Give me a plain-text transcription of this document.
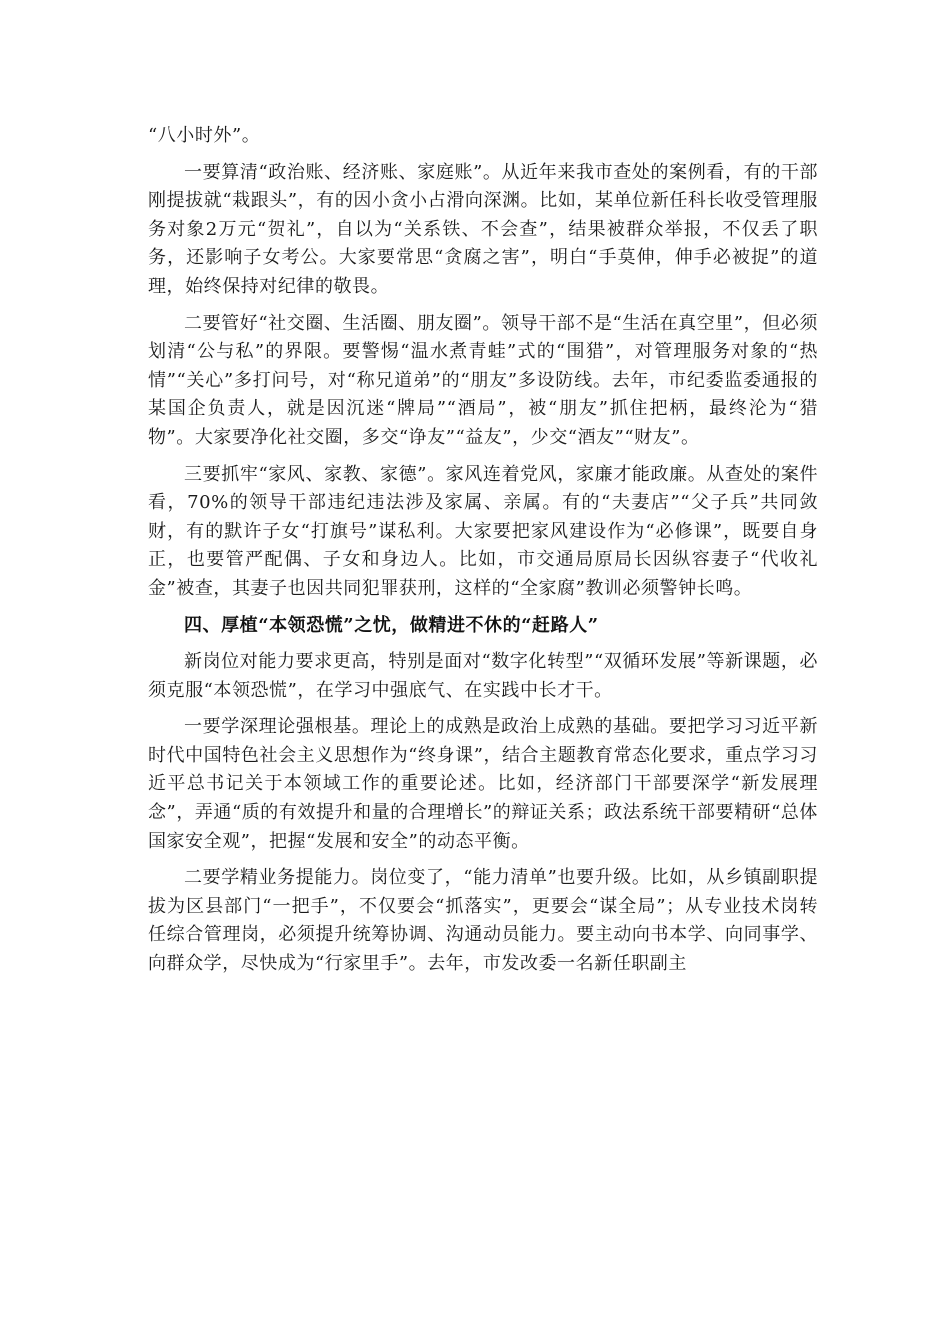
“八小时外”。

一要算清“政治账、经济账、家庭账”。从近年来我市查处的案例看，有的干部刚提拔就“栽跟头”，有的因小贪小占滑向深渊。比如，某单位新任科长收受管理服务对象2万元“贺礼”，自以为“关系铁、不会查”，结果被群众举报，不仅丢了职务，还影响子女考公。大家要常思“贪腐之害”，明白“手莫伸，伸手必被捉”的道理，始终保持对纪律的敬畏。

二要管好“社交圈、生活圈、朋友圈”。领导干部不是“生活在真空里”，但必须划清“公与私”的界限。要警惕“温水煮青蛙”式的“围猎”，对管理服务对象的“热情”“关心”多打问号，对“称兄道弟”的“朋友”多设防线。去年，市纪委监委通报的某国企负责人，就是因沉迷“牌局”“酒局”，被“朋友”抓住把柄，最终沦为“猎物”。大家要净化社交圈，多交“诤友”“益友”，少交“酒友”“财友”。

三要抓牢“家风、家教、家德”。家风连着党风，家廉才能政廉。从查处的案件看，70%的领导干部违纪违法涉及家属、亲属。有的“夫妻店”“父子兵”共同敛财，有的默许子女“打旗号”谋私利。大家要把家风建设作为“必修课”，既要自身正，也要管严配偶、子女和身边人。比如，市交通局原局长因纵容妻子“代收礼金”被查，其妻子也因共同犯罪获刑，这样的“全家腐”教训必须警钟长鸣。

四、厚植“本领恐慌”之忧，做精进不休的“赶路人”

新岗位对能力要求更高，特别是面对“数字化转型”“双循环发展”等新课题，必须克服“本领恐慌”，在学习中强底气、在实践中长才干。

一要学深理论强根基。理论上的成熟是政治上成熟的基础。要把学习习近平新时代中国特色社会主义思想作为“终身课”，结合主题教育常态化要求，重点学习习近平总书记关于本领域工作的重要论述。比如，经济部门干部要深学“新发展理念”，弄通“质的有效提升和量的合理增长”的辩证关系；政法系统干部要精研“总体国家安全观”，把握“发展和安全”的动态平衡。

二要学精业务提能力。岗位变了，“能力清单”也要升级。比如，从乡镇副职提拔为区县部门“一把手”，不仅要会“抓落实”，更要会“谋全局”；从专业技术岗转任综合管理岗，必须提升统筹协调、沟通动员能力。要主动向书本学、向同事学、向群众学，尽快成为“行家里手”。去年，市发改委一名新任职副主
